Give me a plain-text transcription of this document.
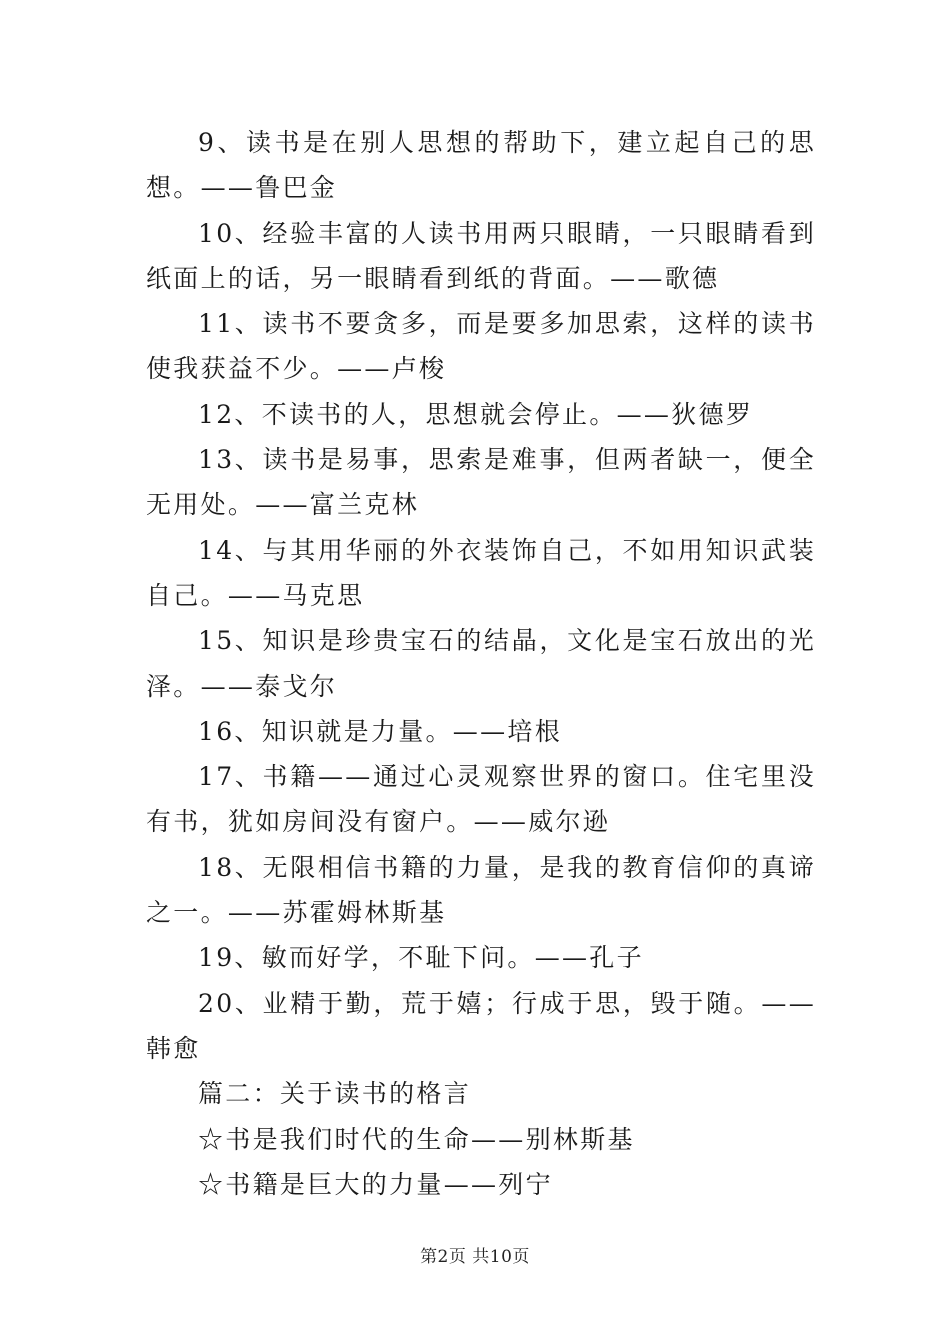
9、读书是在别人思想的帮助下，建立起自己的思想。——鲁巴金

10、经验丰富的人读书用两只眼睛，一只眼睛看到纸面上的话，另一眼睛看到纸的背面。——歌德

11、读书不要贪多，而是要多加思索，这样的读书使我获益不少。——卢梭

12、不读书的人，思想就会停止。——狄德罗

13、读书是易事，思索是难事，但两者缺一，便全无用处。——富兰克林

14、与其用华丽的外衣装饰自己，不如用知识武装自己。——马克思

15、知识是珍贵宝石的结晶，文化是宝石放出的光泽。——泰戈尔

16、知识就是力量。——培根

17、书籍——通过心灵观察世界的窗口。住宅里没有书，犹如房间没有窗户。——威尔逊

18、无限相信书籍的力量，是我的教育信仰的真谛之一。——苏霍姆林斯基

19、敏而好学，不耻下问。——孔子

20、业精于勤，荒于嬉；行成于思，毁于随。——韩愈

篇二：关于读书的格言

☆书是我们时代的生命——别林斯基

☆书籍是巨大的力量——列宁

第2页 共10页
